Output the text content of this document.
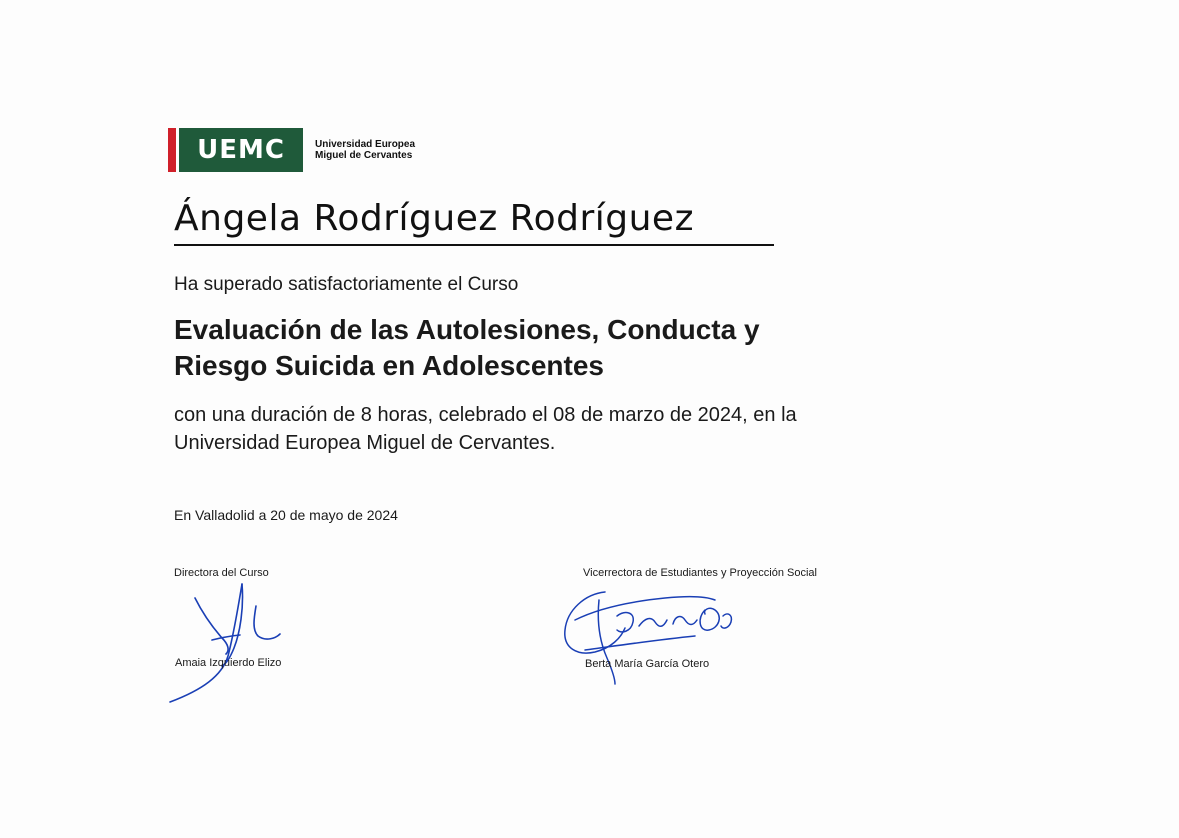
UEMC	Universidad Europea
Miguel de Cervantes
Ángela Rodríguez Rodríguez
Ha superado satisfactoriamente el Curso
Evaluación de las Autolesiones, Conducta y
Riesgo Suicida en Adolescentes
con una duración de 8 horas, celebrado el 08 de marzo de 2024, en la
Universidad Europea Miguel de Cervantes.
En Valladolid a 20 de mayo de 2024
Directora del Curso
Amaia Izquierdo Elizo
Vicerrectora de Estudiantes y Proyección Social
Berta María García Otero
